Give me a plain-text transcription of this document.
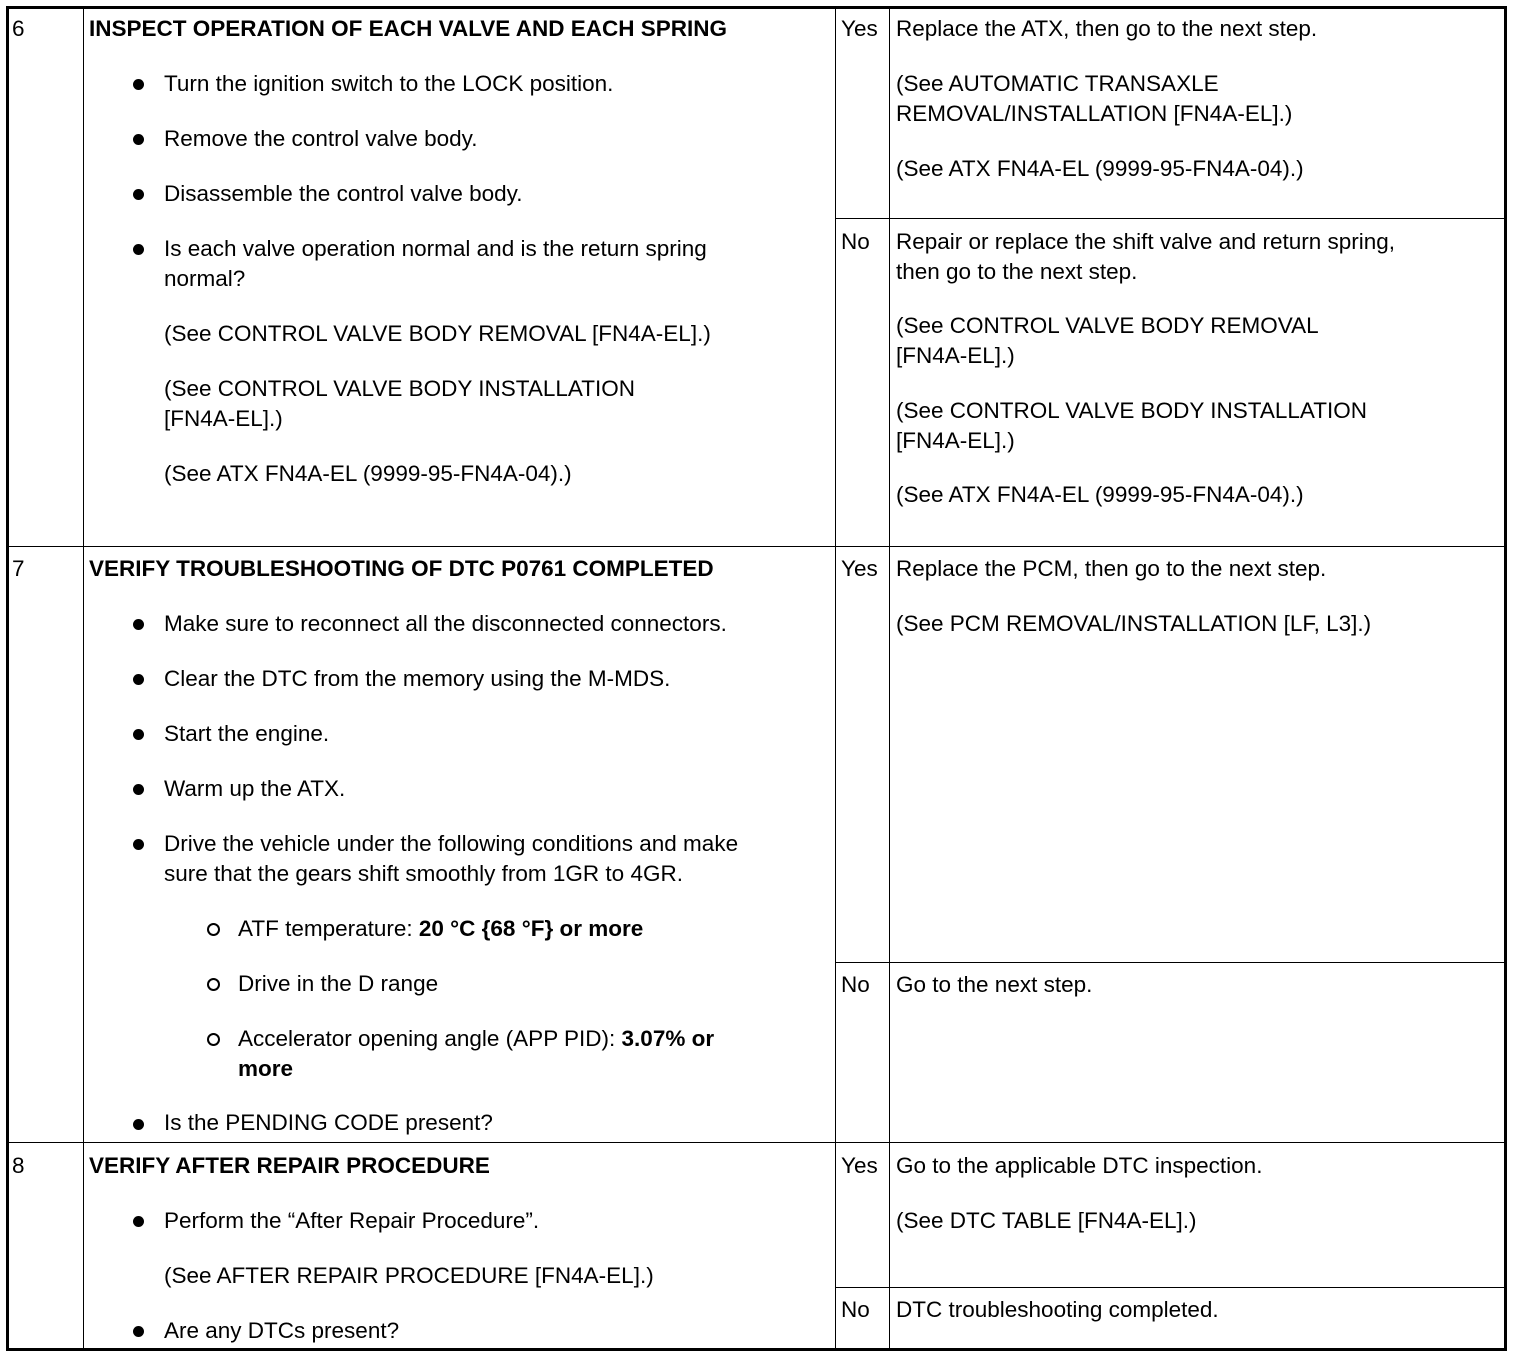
6	INSPECT OPERATION OF EACH VALVE AND EACH SPRING
Turn the ignition switch to the LOCK position.
Remove the control valve body.
Disassemble the control valve body.
Is each valve operation normal and is the return spring
normal?
(See CONTROL VALVE BODY REMOVAL [FN4A-EL].)
(See CONTROL VALVE BODY INSTALLATION
[FN4A-EL].)
(See ATX FN4A-EL (9999-95-FN4A-04).)
Yes Replace the ATX, then go to the next step.
(See AUTOMATIC TRANSAXLE
REMOVAL/INSTALLATION [FN4A-EL].)
(See ATX FN4A-EL (9999-95-FN4A-04).)
No Repair or replace the shift valve and return spring,
then go to the next step.
(See CONTROL VALVE BODY REMOVAL
[FN4A-EL].)
(See CONTROL VALVE BODY INSTALLATION
[FN4A-EL].)
(See ATX FN4A-EL (9999-95-FN4A-04).)
7	VERIFY TROUBLESHOOTING OF DTC P0761 COMPLETED
Make sure to reconnect all the disconnected connectors.
Clear the DTC from the memory using the M-MDS.
Start the engine.
Warm up the ATX.
Drive the vehicle under the following conditions and make
sure that the gears shift smoothly from 1GR to 4GR.
ATF temperature: 20 °C {68 °F} or more
Drive in the D range
Accelerator opening angle (APP PID): 3.07% or
more
Is the PENDING CODE present?
Yes Replace the PCM, then go to the next step.
(See PCM REMOVAL/INSTALLATION [LF, L3].)
No Go to the next step.
8	VERIFY AFTER REPAIR PROCEDURE
Perform the “After Repair Procedure”.
(See AFTER REPAIR PROCEDURE [FN4A-EL].)
Are any DTCs present?
Yes Go to the applicable DTC inspection.
(See DTC TABLE [FN4A-EL].)
No DTC troubleshooting completed.
